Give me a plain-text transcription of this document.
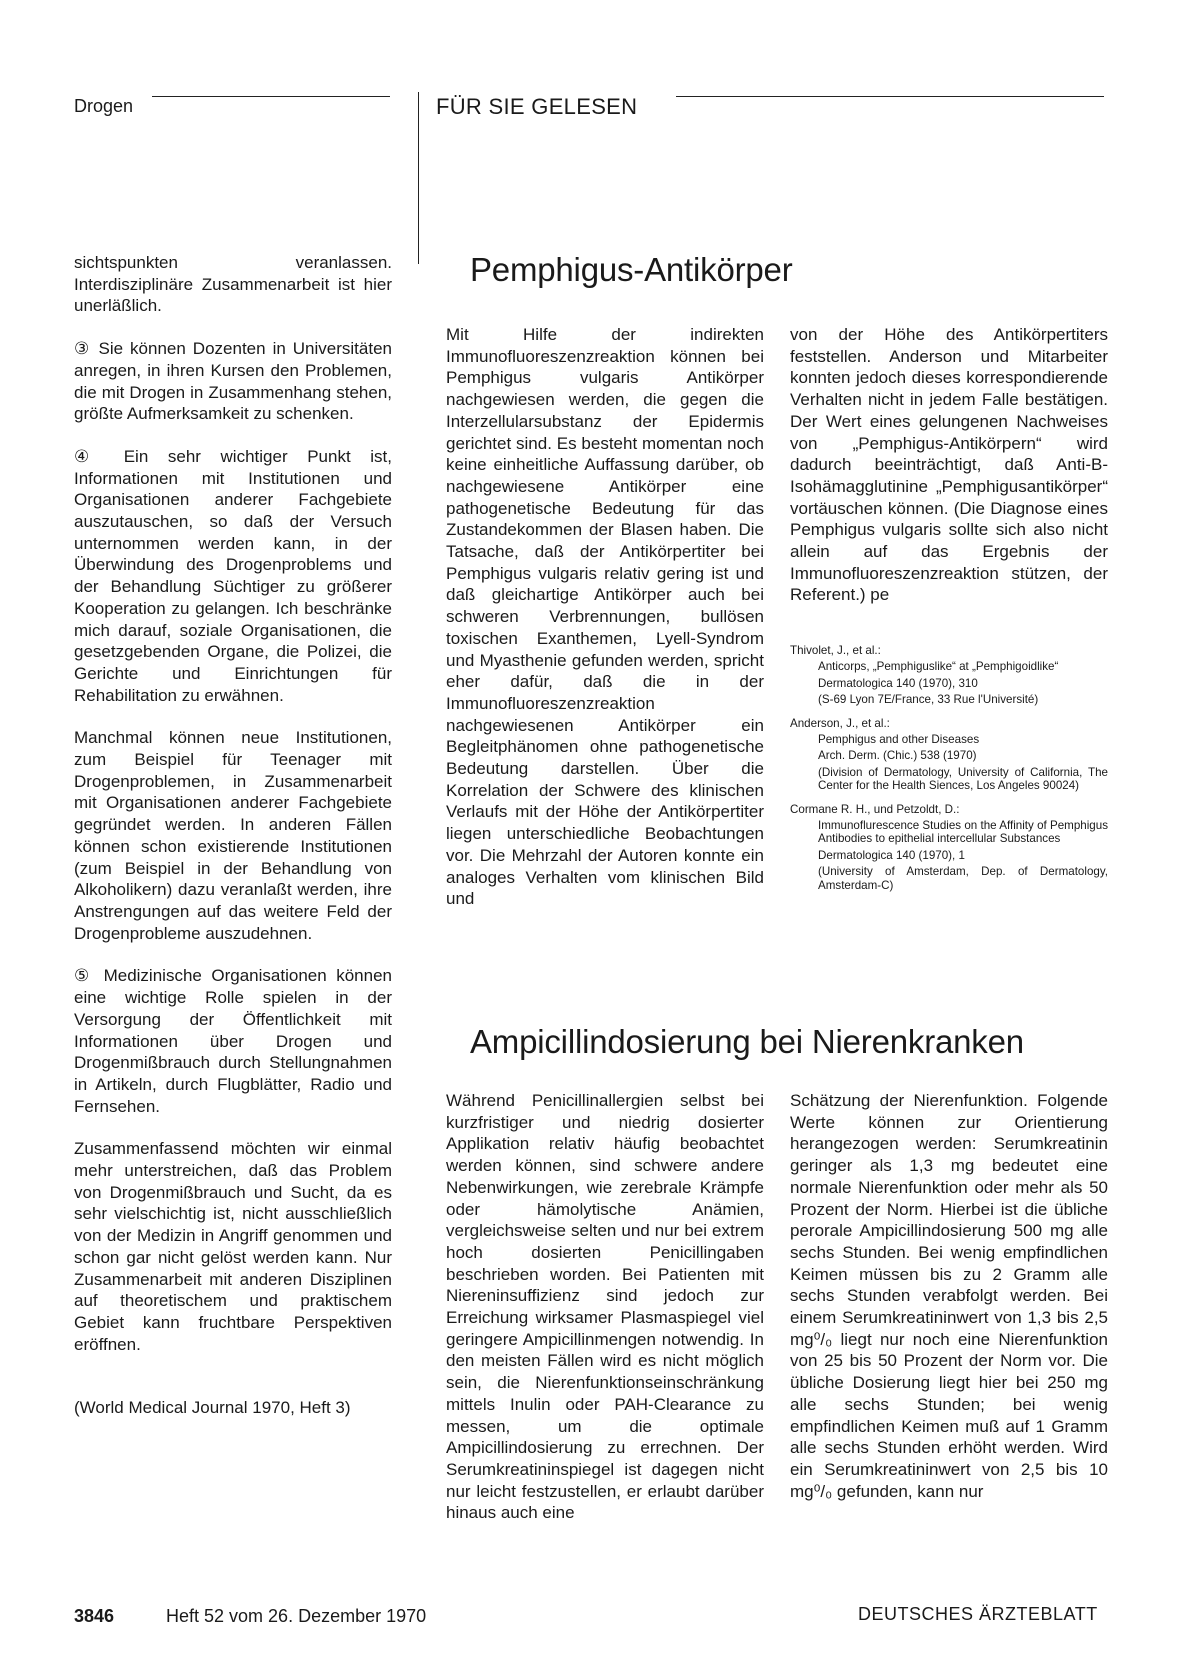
Drogen	FÜR SIE GELESEN

sichtspunkten veranlassen. Interdisziplinäre Zusammenarbeit ist hier unerläßlich.

③ Sie können Dozenten in Universitäten anregen, in ihren Kursen den Problemen, die mit Drogen in Zusammenhang stehen, größte Aufmerksamkeit zu schenken.

④ Ein sehr wichtiger Punkt ist, Informationen mit Institutionen und Organisationen anderer Fachgebiete auszutauschen, so daß der Versuch unternommen werden kann, in der Überwindung des Drogenproblems und der Behandlung Süchtiger zu größerer Kooperation zu gelangen. Ich beschränke mich darauf, soziale Organisationen, die gesetzgebenden Organe, die Polizei, die Gerichte und Einrichtungen für Rehabilitation zu erwähnen.

Manchmal können neue Institutionen, zum Beispiel für Teenager mit Drogenproblemen, in Zusammenarbeit mit Organisationen anderer Fachgebiete gegründet werden. In anderen Fällen können schon existierende Institutionen (zum Beispiel in der Behandlung von Alkoholikern) dazu veranlaßt werden, ihre Anstrengungen auf das weitere Feld der Drogenprobleme auszudehnen.

⑤ Medizinische Organisationen können eine wichtige Rolle spielen in der Versorgung der Öffentlichkeit mit Informationen über Drogen und Drogenmißbrauch durch Stellungnahmen in Artikeln, durch Flugblätter, Radio und Fernsehen.

Zusammenfassend möchten wir einmal mehr unterstreichen, daß das Problem von Drogenmißbrauch und Sucht, da es sehr vielschichtig ist, nicht ausschließlich von der Medizin in Angriff genommen und schon gar nicht gelöst werden kann. Nur Zusammenarbeit mit anderen Disziplinen auf theoretischem und praktischem Gebiet kann fruchtbare Perspektiven eröffnen.

(World Medical Journal 1970, Heft 3)

Pemphigus-Antikörper

Mit Hilfe der indirekten Immunofluoreszenzreaktion können bei Pemphigus vulgaris Antikörper nachgewiesen werden, die gegen die Interzellularsubstanz der Epidermis gerichtet sind. Es besteht momentan noch keine einheitliche Auffassung darüber, ob nachgewiesene Antikörper eine pathogenetische Bedeutung für das Zustandekommen der Blasen haben. Die Tatsache, daß der Antikörpertiter bei Pemphigus vulgaris relativ gering ist und daß gleichartige Antikörper auch bei schweren Verbrennungen, bullösen toxischen Exanthemen, Lyell-Syndrom und Myasthenie gefunden werden, spricht eher dafür, daß die in der Immunofluoreszenzreaktion nachgewiesenen Antikörper ein Begleitphänomen ohne pathogenetische Bedeutung darstellen. Über die Korrelation der Schwere des klinischen Verlaufs mit der Höhe der Antikörpertiter liegen unterschiedliche Beobachtungen vor. Die Mehrzahl der Autoren konnte ein analoges Verhalten vom klinischen Bild und

von der Höhe des Antikörpertiters feststellen. Anderson und Mitarbeiter konnten jedoch dieses korrespondierende Verhalten nicht in jedem Falle bestätigen. Der Wert eines gelungenen Nachweises von „Pemphigus-Antikörpern“ wird dadurch beeinträchtigt, daß Anti-B-Isohämagglutinine „Pemphigusantikörper“ vortäuschen können. (Die Diagnose eines Pemphigus vulgaris sollte sich also nicht allein auf das Ergebnis der Immunofluoreszenzreaktion stützen, der Referent.) pe

Thivolet, J., et al.:
Anticorps, „Pemphiguslike“ at „Pemphigoidlike“
Dermatologica 140 (1970), 310
(S-69 Lyon 7E/France, 33 Rue l'Université)
Anderson, J., et al.:
Pemphigus and other Diseases
Arch. Derm. (Chic.) 538 (1970)
(Division of Dermatology, University of California, The Center for the Health Siences, Los Angeles 90024)
Cormane R. H., und Petzoldt, D.:
Immunoflurescence Studies on the Affinity of Pemphigus Antibodies to epithelial intercellular Substances
Dermatologica 140 (1970), 1
(University of Amsterdam, Dep. of Dermatology, Amsterdam-C)
Ampicillindosierung bei Nierenkranken

Während Penicillinallergien selbst bei kurzfristiger und niedrig dosierter Applikation relativ häufig beobachtet werden können, sind schwere andere Nebenwirkungen, wie zerebrale Krämpfe oder hämolytische Anämien, vergleichsweise selten und nur bei extrem hoch dosierten Penicillingaben beschrieben worden. Bei Patienten mit Niereninsuffizienz sind jedoch zur Erreichung wirksamer Plasmaspiegel viel geringere Ampicillinmengen notwendig. In den meisten Fällen wird es nicht möglich sein, die Nierenfunktionseinschränkung mittels Inulin oder PAH-Clearance zu messen, um die optimale Ampicillindosierung zu errechnen. Der Serumkreatininspiegel ist dagegen nicht nur leicht festzustellen, er erlaubt darüber hinaus auch eine

Schätzung der Nierenfunktion. Folgende Werte können zur Orientierung herangezogen werden: Serumkreatinin geringer als 1,3 mg bedeutet eine normale Nierenfunktion oder mehr als 50 Prozent der Norm. Hierbei ist die übliche perorale Ampicillindosierung 500 mg alle sechs Stunden. Bei wenig empfindlichen Keimen müssen bis zu 2 Gramm alle sechs Stunden verabfolgt werden. Bei einem Serumkreatininwert von 1,3 bis 2,5 mg⁰/₀ liegt nur noch eine Nierenfunktion von 25 bis 50 Prozent der Norm vor. Die übliche Dosierung liegt hier bei 250 mg alle sechs Stunden; bei wenig empfindlichen Keimen muß auf 1 Gramm alle sechs Stunden erhöht werden. Wird ein Serumkreatininwert von 2,5 bis 10 mg⁰/₀ gefunden, kann nur

3846	Heft 52 vom 26. Dezember 1970	DEUTSCHES ÄRZTEBLATT
